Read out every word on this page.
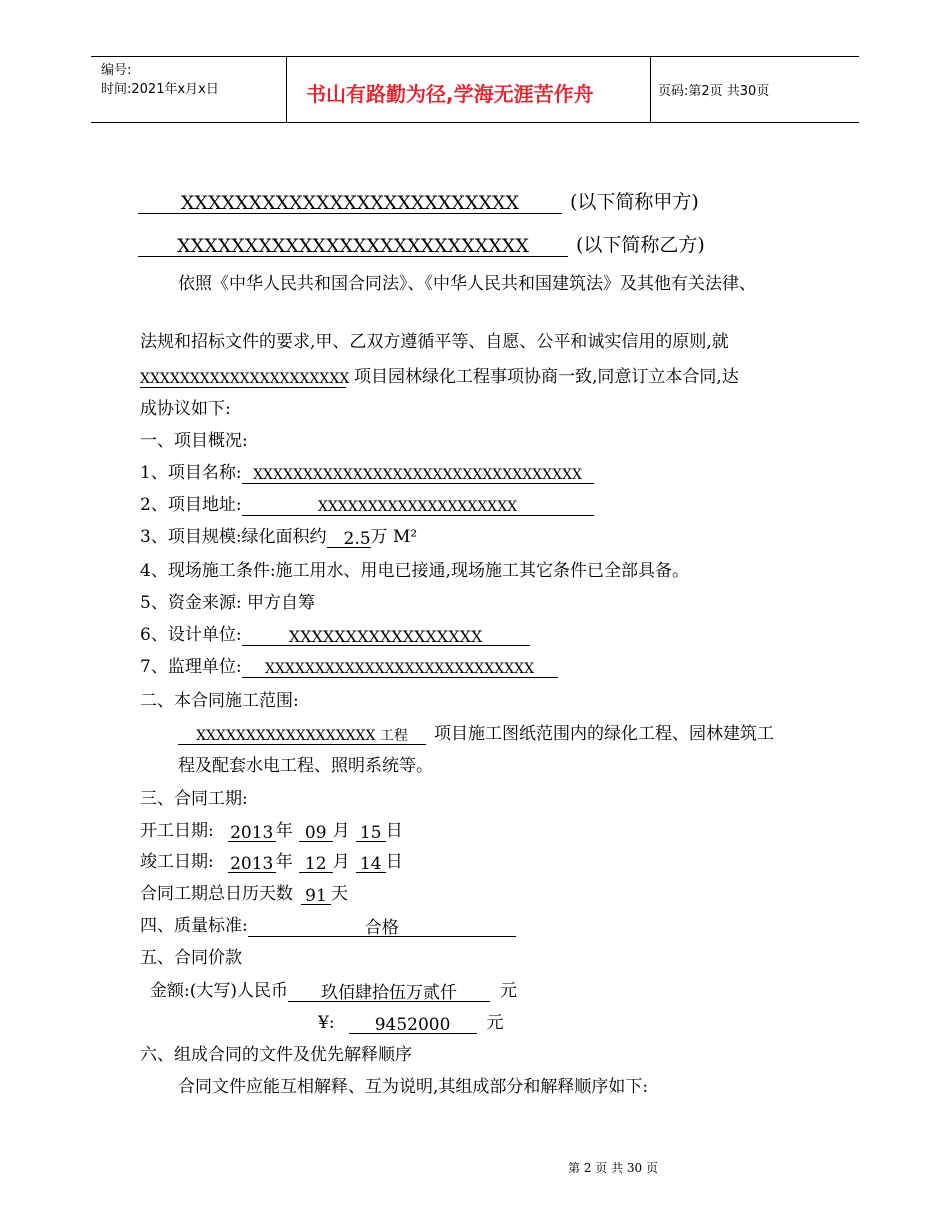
编号:
时间:2021年x月x日	书山有路勤为径,学海无涯苦作舟	页码:第2页 共30页
XXXXXXXXXXXXXXXXXXXXXXXXX	(以下简称甲方)
XXXXXXXXXXXXXXXXXXXXXXXXXX (以下简称乙方)
依照《中华人民共和国合同法》、《中华人民共和国建筑法》及其他有关法律、
法规和招标文件的要求,甲、乙双方遵循平等、自愿、公平和诚实信用的原则,就
XXXXXXXXXXXXXXXXXXXXX 项目园林绿化工程事项协商一致,同意订立本合同,达
成协议如下:
一、项目概况:
1、项目名称: XXXXXXXXXXXXXXXXXXXXXXXXXXXXXXXXX
2、项目地址:	XXXXXXXXXXXXXXXXXXXX
3、项目规模:绿化面积约 2.5万 M²
4、现场施工条件:施工用水、用电已接通,现场施工其它条件已全部具备。
5、资金来源: 甲方自筹
6、设计单位:	XXXXXXXXXXXXXXXXX
7、监理单位: XXXXXXXXXXXXXXXXXXXXXXXXXXX
二、本合同施工范围:
XXXXXXXXXXXXXXXXXX 工程 项目施工图纸范围内的绿化工程、园林建筑工
程及配套水电工程、照明系统等。
三、合同工期:
开工日期: 2013 年 09 月 15 日
竣工日期: 2013 年 12 月 14 日
合同工期总日历天数 91 天
四、质量标准:	合格
五、合同价款
金额:(大写)人民币 玖佰肆拾伍万贰仟	元
¥: 9452000 元
六、组成合同的文件及优先解释顺序
合同文件应能互相解释、互为说明,其组成部分和解释顺序如下:
第 2 页 共 30 页
